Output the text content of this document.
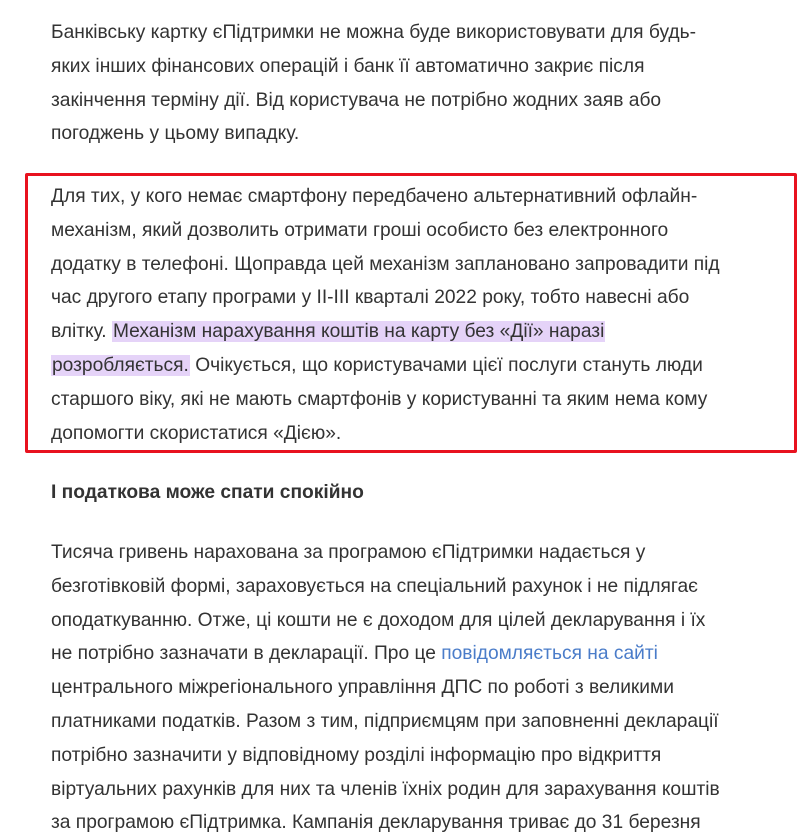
Банківську картку єПідтримки не можна буде використовувати для будь-
яких інших фінансових операцій і банк її автоматично закриє після
закінчення терміну дії. Від користувача не потрібно жодних заяв або
погоджень у цьому випадку.

Для тих, у кого немає смартфону передбачено альтернативний офлайн-
механізм, який дозволить отримати гроші особисто без електронного
додатку в телефоні. Щоправда цей механізм заплановано запровадити під
час другого етапу програми у ІІ-ІІІ кварталі 2022 року, тобто навесні або
влітку. Механізм нарахування коштів на карту без «Дії» наразі
розробляється. Очікується, що користувачами цієї послуги стануть люди
старшого віку, які не мають смартфонів у користуванні та яким нема кому
допомогти скористатися «Дією».

І податкова може спати спокійно

Тисяча гривень нарахована за програмою єПідтримки надається у
безготівковій формі, зараховується на спеціальний рахунок і не підлягає
оподаткуванню. Отже, ці кошти не є доходом для цілей декларування і їх
не потрібно зазначати в декларації. Про це повідомляється на сайті
центрального міжрегіонального управління ДПС по роботі з великими
платниками податків. Разом з тим, підприємцям при заповненні декларації
потрібно зазначити у відповідному розділі інформацію про відкриття
віртуальних рахунків для них та членів їхніх родин для зарахування коштів
за програмою єПідтримка. Кампанія декларування триває до 31 березня
